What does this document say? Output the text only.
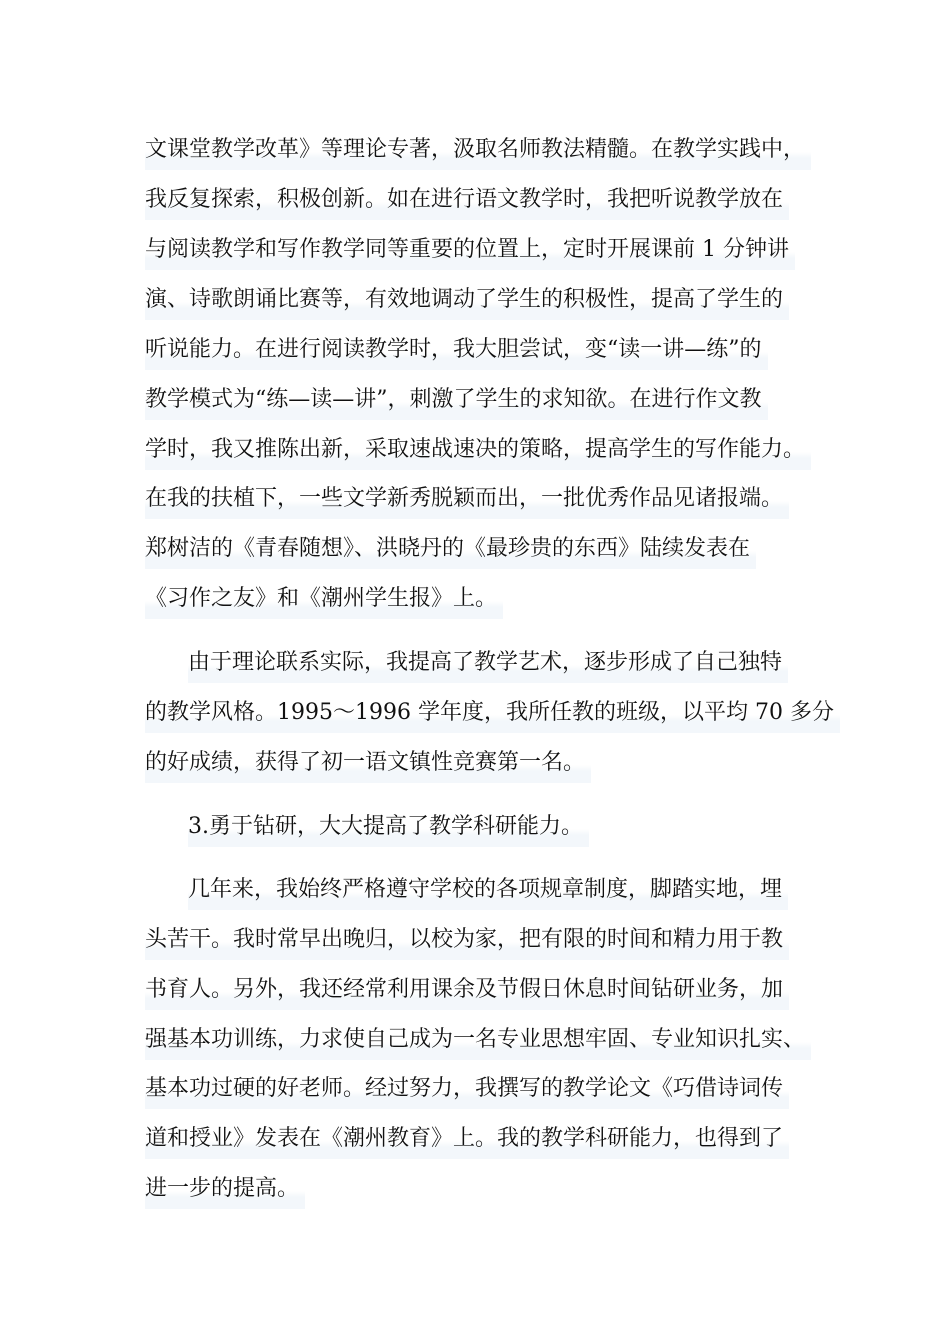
文课堂教学改革》等理论专著，汲取名师教法精髓。在教学实践中，
我反复探索，积极创新。如在进行语文教学时，我把听说教学放在
与阅读教学和写作教学同等重要的位置上，定时开展课前 1 分钟讲
演、诗歌朗诵比赛等，有效地调动了学生的积极性，提高了学生的
听说能力。在进行阅读教学时，我大胆尝试，变“读一讲—练”的
教学模式为“练—读—讲”，刺激了学生的求知欲。在进行作文教
学时，我又推陈出新，采取速战速决的策略，提高学生的写作能力。
在我的扶植下，一些文学新秀脱颖而出，一批优秀作品见诸报端。
郑树洁的《青春随想》、洪晓丹的《最珍贵的东西》陆续发表在
《习作之友》和《潮州学生报》上。
由于理论联系实际，我提高了教学艺术，逐步形成了自己独特
的教学风格。1995～1996 学年度，我所任教的班级，以平均 70 多分
的好成绩，获得了初一语文镇性竞赛第一名。
3.勇于钻研，大大提高了教学科研能力。
几年来，我始终严格遵守学校的各项规章制度，脚踏实地，埋
头苦干。我时常早出晚归，以校为家，把有限的时间和精力用于教
书育人。另外，我还经常利用课余及节假日休息时间钻研业务，加
强基本功训练，力求使自己成为一名专业思想牢固、专业知识扎实、
基本功过硬的好老师。经过努力，我撰写的教学论文《巧借诗词传
道和授业》发表在《潮州教育》上。我的教学科研能力，也得到了
进一步的提高。
